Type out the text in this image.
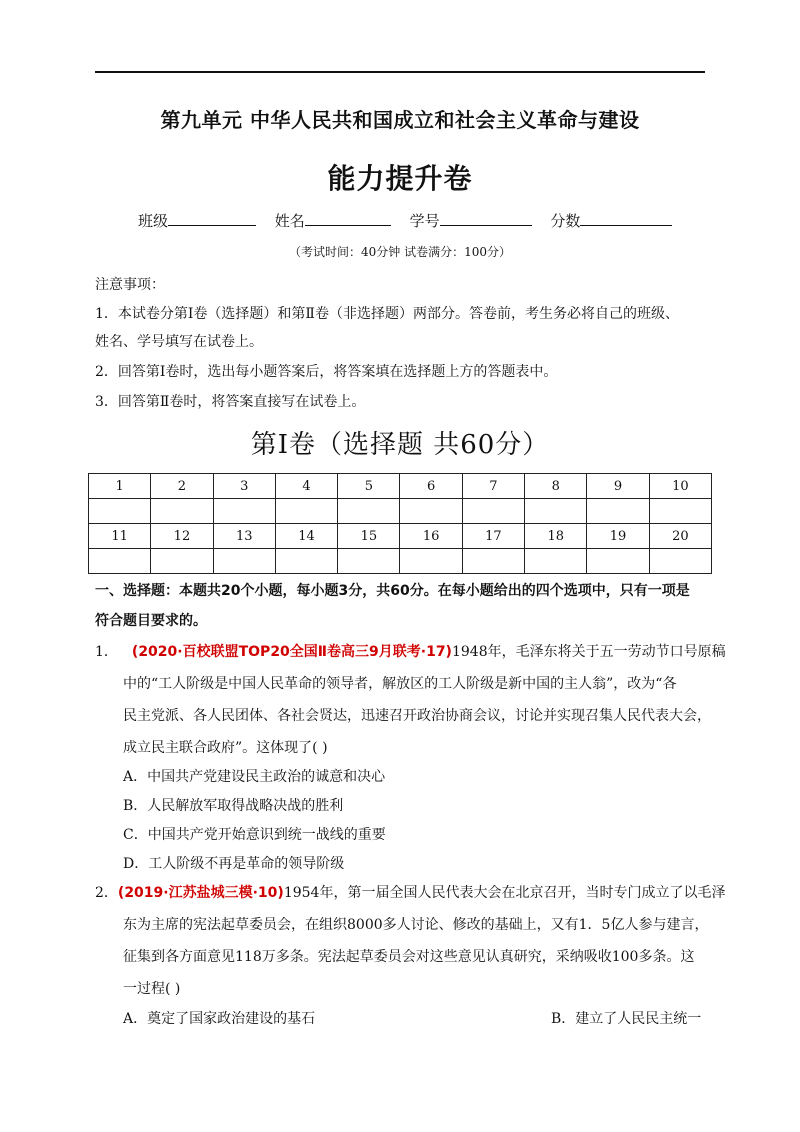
第九单元 中华人民共和国成立和社会主义革命与建设
能力提升卷
班级	姓名	学号	分数
（考试时间：40分钟 试卷满分：100分）
注意事项：
1．本试卷分第Ⅰ卷（选择题）和第Ⅱ卷（非选择题）两部分。答卷前，考生务必将自己的班级、
姓名、学号填写在试卷上。
2．回答第Ⅰ卷时，选出每小题答案后，将答案填在选择题上方的答题表中。
3．回答第Ⅱ卷时，将答案直接写在试卷上。
第Ⅰ卷（选择题 共60分）
1	2	3	4	5	6	7	8	9	10

11	12	13	14	15	16	17	18	19	20

一、选择题：本题共20个小题，每小题3分，共60分。在每小题给出的四个选项中，只有一项是
符合题目要求的。
1． (2020·百校联盟TOP20全国Ⅱ卷高三9月联考·17)1948年，毛泽东将关于五一劳动节口号原稿
中的“工人阶级是中国人民革命的领导者，解放区的工人阶级是新中国的主人翁”，改为“各
民主党派、各人民团体、各社会贤达，迅速召开政治协商会议，讨论并实现召集人民代表大会，
成立民主联合政府”。这体现了( )
A．中国共产党建设民主政治的诚意和决心
B．人民解放军取得战略决战的胜利
C．中国共产党开始意识到统一战线的重要
D．工人阶级不再是革命的领导阶级
2．(2019·江苏盐城三模·10)1954年，第一届全国人民代表大会在北京召开，当时专门成立了以毛泽
东为主席的宪法起草委员会，在组织8000多人讨论、修改的基础上，又有1．5亿人参与建言，
征集到各方面意见118万多条。宪法起草委员会对这些意见认真研究，采纳吸收100多条。这
一过程( )
A．奠定了国家政治建设的基石	B．建立了人民民主统一
